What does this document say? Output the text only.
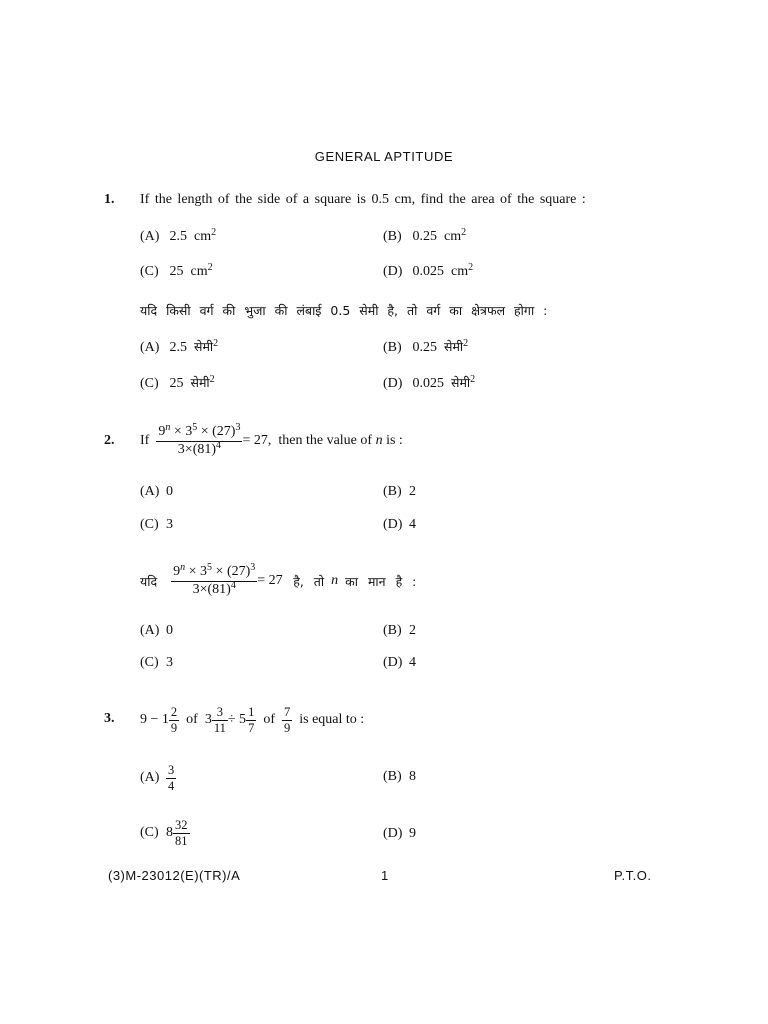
GENERAL APTITUDE
1. If the length of the side of a square is 0.5 cm, find the area of the square :
(A) 2.5 $cm^2$	(B) 0.25 $cm^2$
(C) 25 $cm^2$	(D) 0.025 $cm^2$
यदि किसी वर्ग की भुजा की लंबाई 0.5 सेमी है, तो वर्ग का क्षेत्रफल होगा :
(A) 2.5 सेमी$^2$	(B) 0.25 सेमी$^2$
(C) 25 सेमी$^2$	(D) 0.025 सेमी$^2$
2. If
$\frac{9^n \times 3^5 \times (27)^3}{3\times(81)^4} = 27$,
then the value of
n
is :
(A) 0	(B) 2
(C) 3	(D) 4
यदि
$\frac{9^n \times 3^5 \times (27)^3}{3\times(81)^4} = 27$
है, तो
n
का मान है :
(A) 0	(B) 2
(C) 3	(D) 4
3. $9 - 1 \frac{2}{9}$
of
$3 \frac{3}{11} \div 5 \frac{1}{7}$
of
$\frac{7}{9}$
is equal to :
$(A) \frac{3}{4}$	(B) 8
(C) $8 \frac{32}{81}$	(D) 9
(3)M-23012(E)(TR)/A	1	P.T.O.
